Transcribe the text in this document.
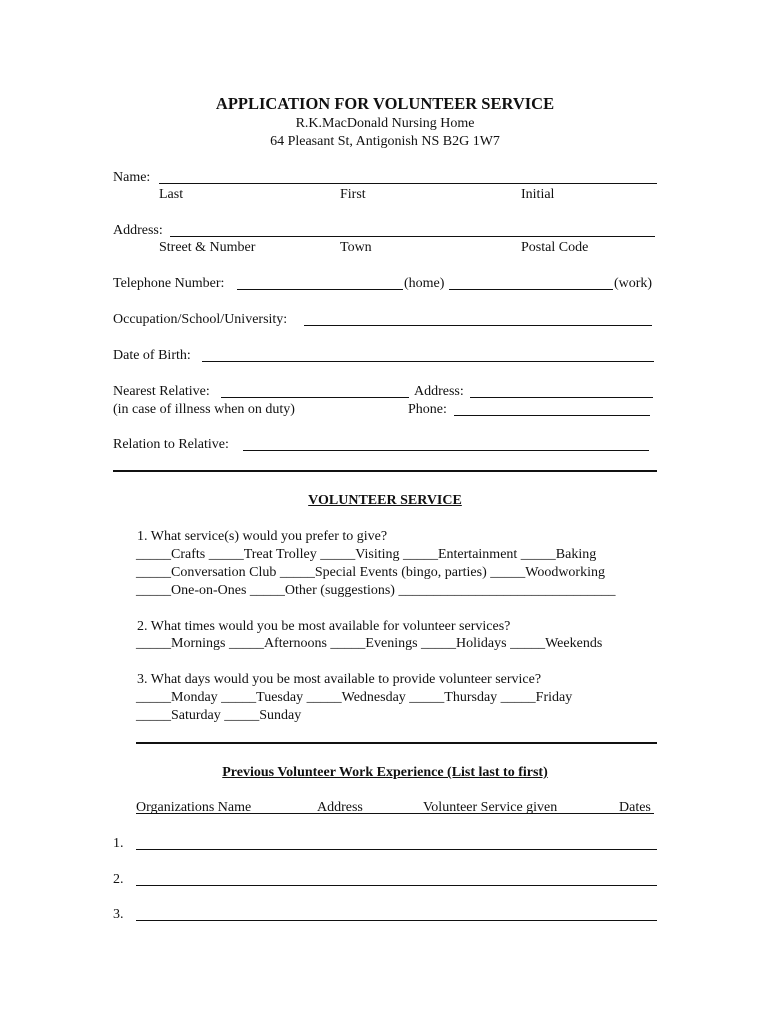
APPLICATION FOR VOLUNTEER SERVICE
R.K.MacDonald Nursing Home
64 Pleasant St, Antigonish NS B2G 1W7
Name:
Last	First	Initial
Address:
Street & Number	Town	Postal Code
Telephone Number:	(home)	(work)
Occupation/School/University:
Date of Birth:
Nearest Relative:	Address:
(in case of illness when on duty)	Phone:
Relation to Relative:
VOLUNTEER SERVICE
1. What service(s) would you prefer to give?
_____Crafts _____Treat Trolley _____Visiting _____Entertainment _____Baking
_____Conversation Club _____Special Events (bingo, parties) _____Woodworking
_____One-on-Ones _____Other (suggestions) _______________________________
2. What times would you be most available for volunteer services?
_____Mornings _____Afternoons _____Evenings _____Holidays _____Weekends
3. What days would you be most available to provide volunteer service?
_____Monday _____Tuesday _____Wednesday _____Thursday _____Friday
_____Saturday _____Sunday
Previous Volunteer Work Experience (List last to first)
Organizations Name	Address	Volunteer Service given	Dates
1.
2.
3.
